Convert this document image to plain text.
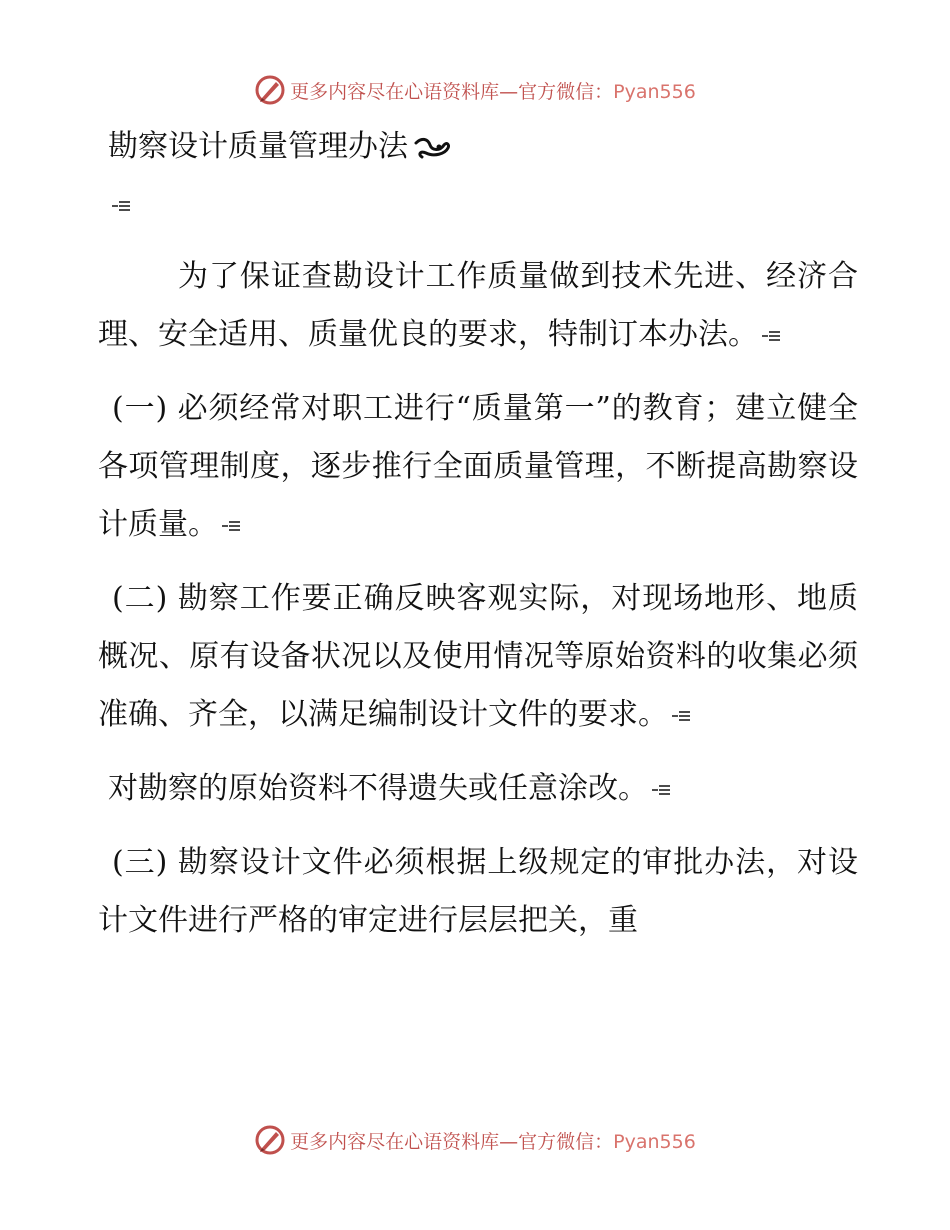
更多内容尽在心语资料库—官方微信：Pyan556
勘察设计质量管理办法

为了保证查勘设计工作质量做到技术先进、经济合理、安全适用、质量优良的要求，特制订本办法。

(一) 必须经常对职工进行“质量第一”的教育；建立健全各项管理制度，逐步推行全面质量管理，不断提高勘察设计质量。

(二) 勘察工作要正确反映客观实际，对现场地形、地质概况、原有设备状况以及使用情况等原始资料的收集必须准确、齐全，以满足编制设计文件的要求。

对勘察的原始资料不得遗失或任意涂改。

(三) 勘察设计文件必须根据上级规定的审批办法，对设计文件进行严格的审定进行层层把关，重

更多内容尽在心语资料库—官方微信：Pyan556
